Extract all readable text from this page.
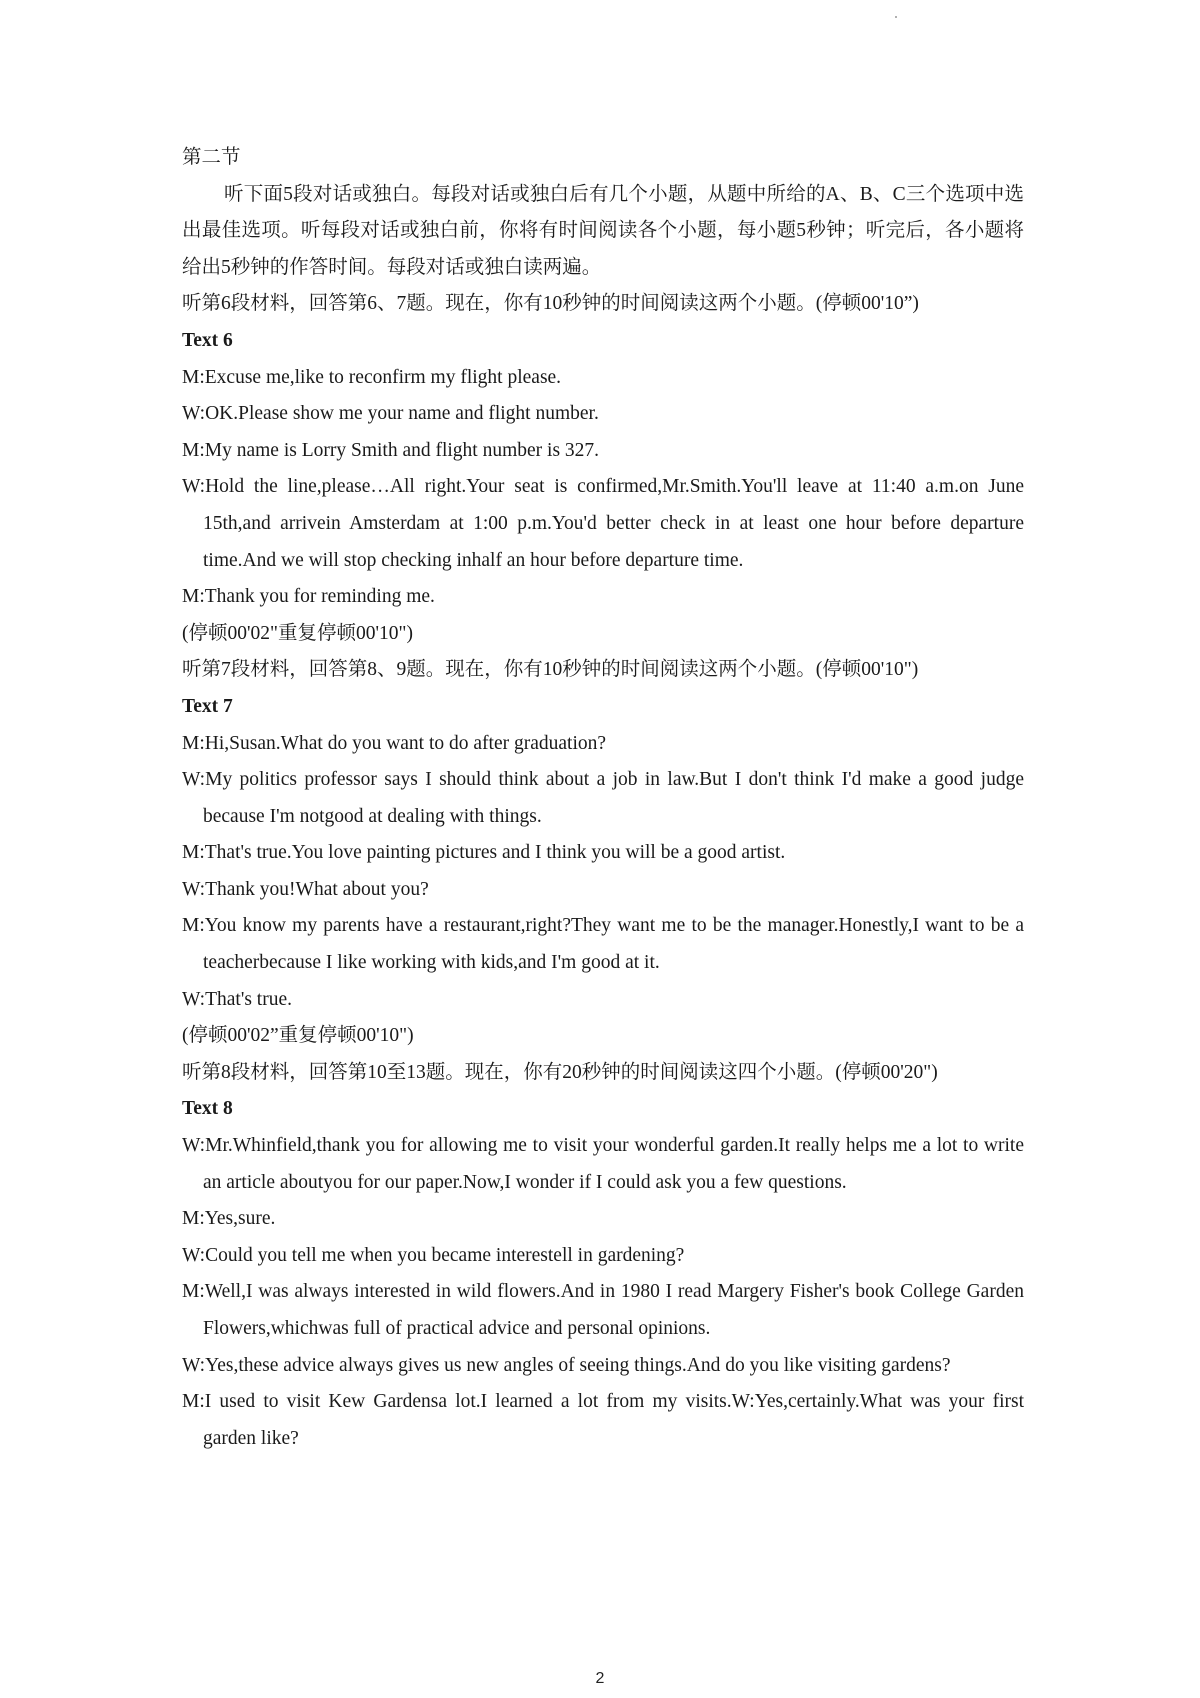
第二节

听下面5段对话或独白。每段对话或独白后有几个小题，从题中所给的A、B、C三个选项中选出最佳选项。听每段对话或独白前，你将有时间阅读各个小题，每小题5秒钟；听完后，各小题将给出5秒钟的作答时间。每段对话或独白读两遍。

听第6段材料，回答第6、7题。现在，你有10秒钟的时间阅读这两个小题。(停顿00'10”)

Text 6

M:Excuse me,like to reconfirm my flight please.

W:OK.Please show me your name and flight number.

M:My name is Lorry Smith and flight number is 327.

W:Hold the line,please…All right.Your seat is confirmed,Mr.Smith.You'll leave at 11:40 a.m.on June 15th,and arrivein Amsterdam at 1:00 p.m.You'd better check in at least one hour before departure time.And we will stop checking inhalf an hour before departure time.

M:Thank you for reminding me.

(停顿00'02"重复停顿00'10")

听第7段材料，回答第8、9题。现在，你有10秒钟的时间阅读这两个小题。(停顿00'10")

Text 7

M:Hi,Susan.What do you want to do after graduation?

W:My politics professor says I should think about a job in law.But I don't think I'd make a good judge because I'm notgood at dealing with things.

M:That's true.You love painting pictures and I think you will be a good artist.

W:Thank you!What about you?

M:You know my parents have a restaurant,right?They want me to be the manager.Honestly,I want to be a teacherbecause I like working with kids,and I'm good at it.

W:That's true.

(停顿00'02”重复停顿00'10")

听第8段材料，回答第10至13题。现在，你有20秒钟的时间阅读这四个小题。(停顿00'20")

Text 8

W:Mr.Whinfield,thank you for allowing me to visit your wonderful garden.It really helps me a lot to write an article aboutyou for our paper.Now,I wonder if I could ask you a few questions.

M:Yes,sure.

W:Could you tell me when you became interestell in gardening?

M:Well,I was always interested in wild flowers.And in 1980 I read Margery Fisher's book College Garden Flowers,whichwas full of practical advice and personal opinions.

W:Yes,these advice always gives us new angles of seeing things.And do you like visiting gardens?

M:I used to visit Kew Gardensa lot.I learned a lot from my visits.W:Yes,certainly.What was your first garden like?

2
